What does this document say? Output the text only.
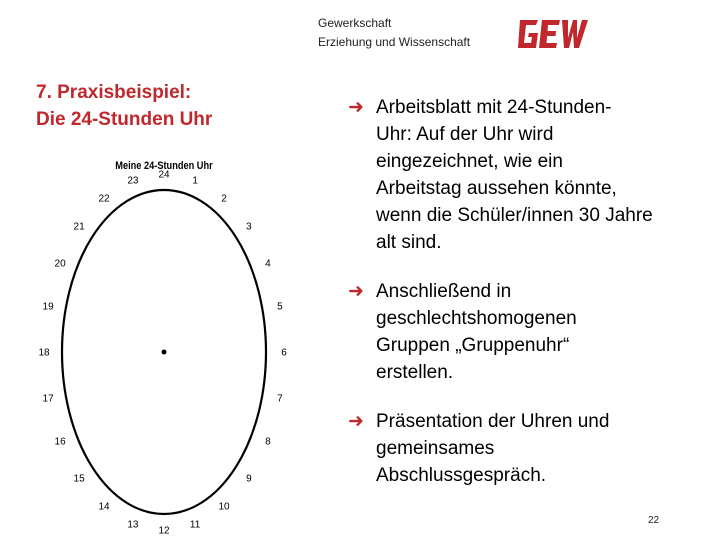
Gewerkschaft
Erziehung und Wissenschaft	GEW
7. Praxisbeispiel:
Die 24-Stunden Uhr
Meine 24-Stunden Uhr
24
1
2
3
4
5
6
7
8
9
10
11
12
13
14
15
16
17
18
19
20
21
22
23
➜ Arbeitsblatt mit 24-Stunden-
Uhr: Auf der Uhr wird
eingezeichnet, wie ein
Arbeitstag aussehen könnte,
wenn die Schüler/innen 30 Jahre
alt sind.
➜ Anschließend in
geschlechtshomogenen
Gruppen „Gruppenuhr“
erstellen.
➜ Präsentation der Uhren und
gemeinsames
Abschlussgespräch.
22
